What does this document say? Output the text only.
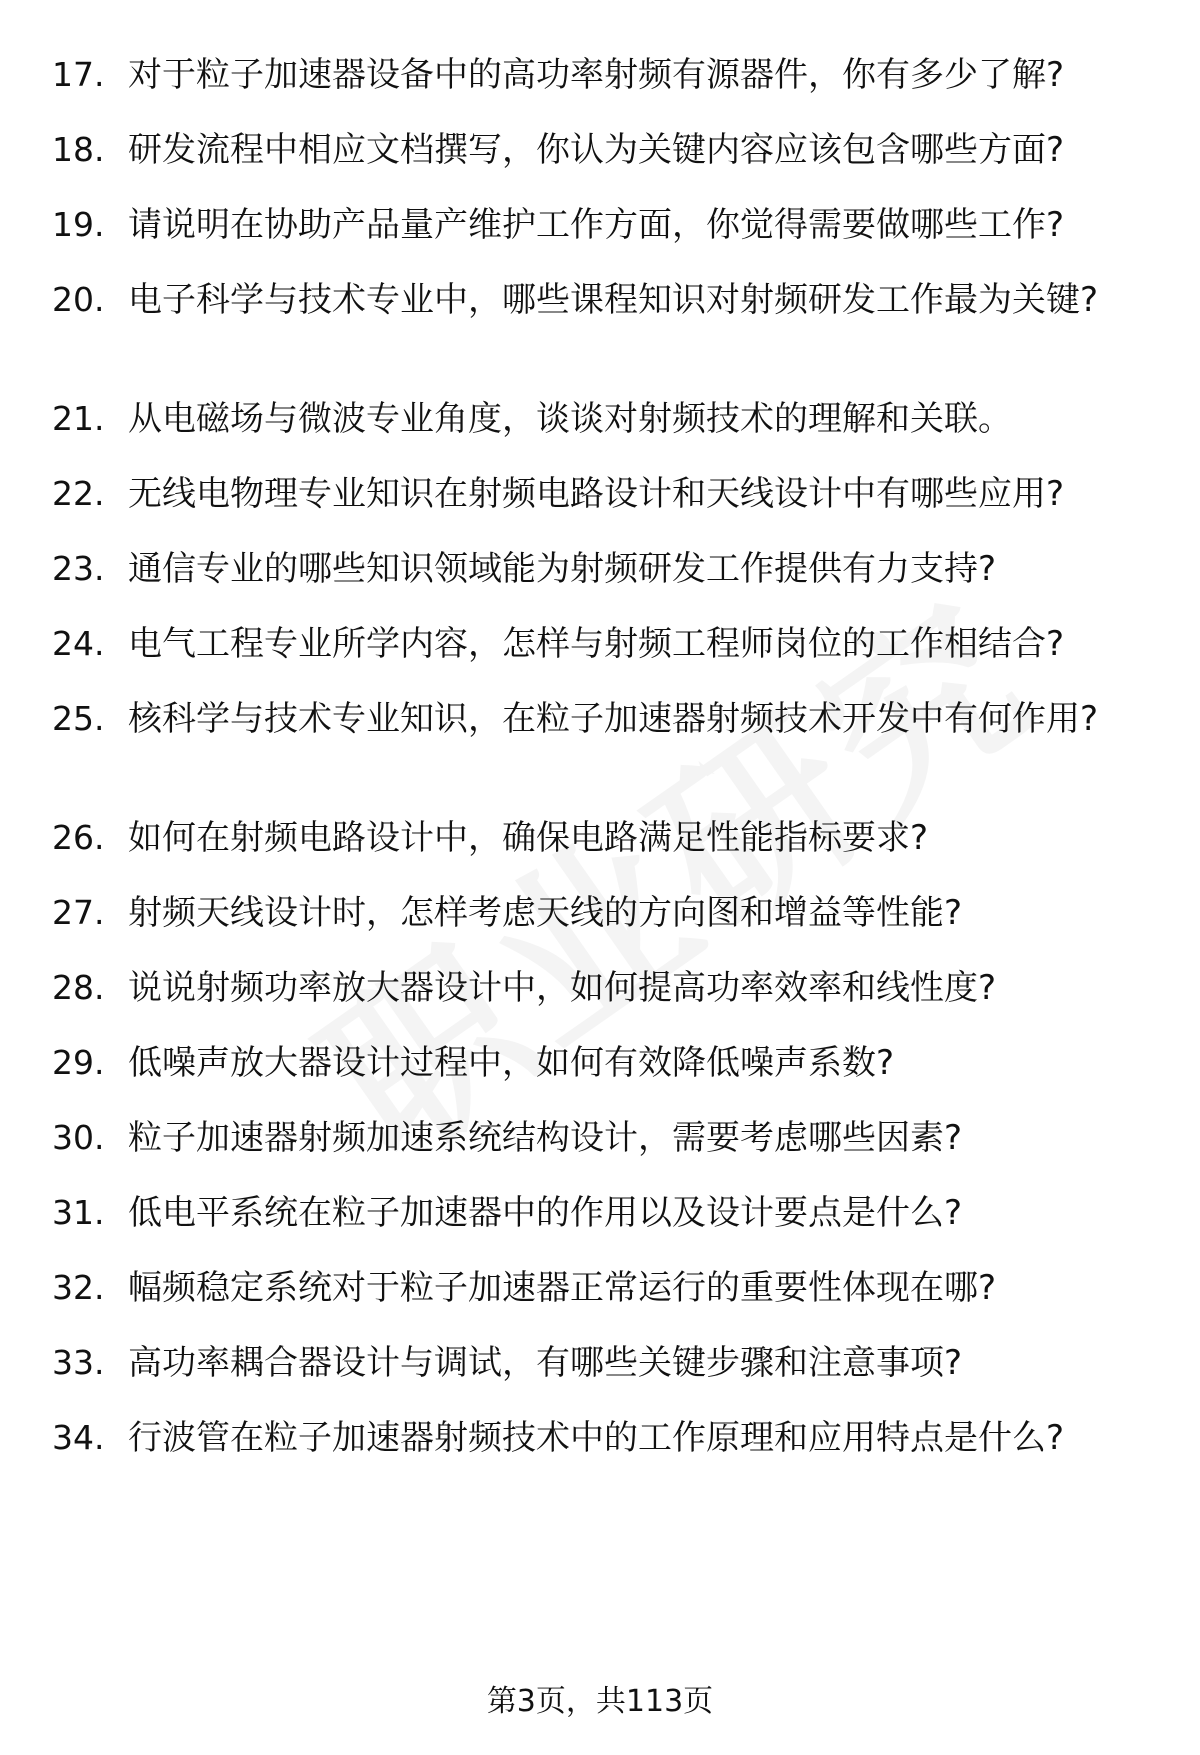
17. 对于粒子加速器设备中的高功率射频有源器件，你有多少了解?
18. 研发流程中相应文档撰写，你认为关键内容应该包含哪些方面?
19. 请说明在协助产品量产维护工作方面，你觉得需要做哪些工作?
20. 电子科学与技术专业中，哪些课程知识对射频研发工作最为关键?
21. 从电磁场与微波专业角度，谈谈对射频技术的理解和关联。
22. 无线电物理专业知识在射频电路设计和天线设计中有哪些应用?
23. 通信专业的哪些知识领域能为射频研发工作提供有力支持?
24. 电气工程专业所学内容，怎样与射频工程师岗位的工作相结合?
25. 核科学与技术专业知识，在粒子加速器射频技术开发中有何作用?
26. 如何在射频电路设计中，确保电路满足性能指标要求?
27. 射频天线设计时，怎样考虑天线的方向图和增益等性能?
28. 说说射频功率放大器设计中，如何提高功率效率和线性度?
29. 低噪声放大器设计过程中，如何有效降低噪声系数?
30. 粒子加速器射频加速系统结构设计，需要考虑哪些因素?
31. 低电平系统在粒子加速器中的作用以及设计要点是什么?
32. 幅频稳定系统对于粒子加速器正常运行的重要性体现在哪?
33. 高功率耦合器设计与调试，有哪些关键步骤和注意事项?
34. 行波管在粒子加速器射频技术中的工作原理和应用特点是什么?
第3页，共113页
